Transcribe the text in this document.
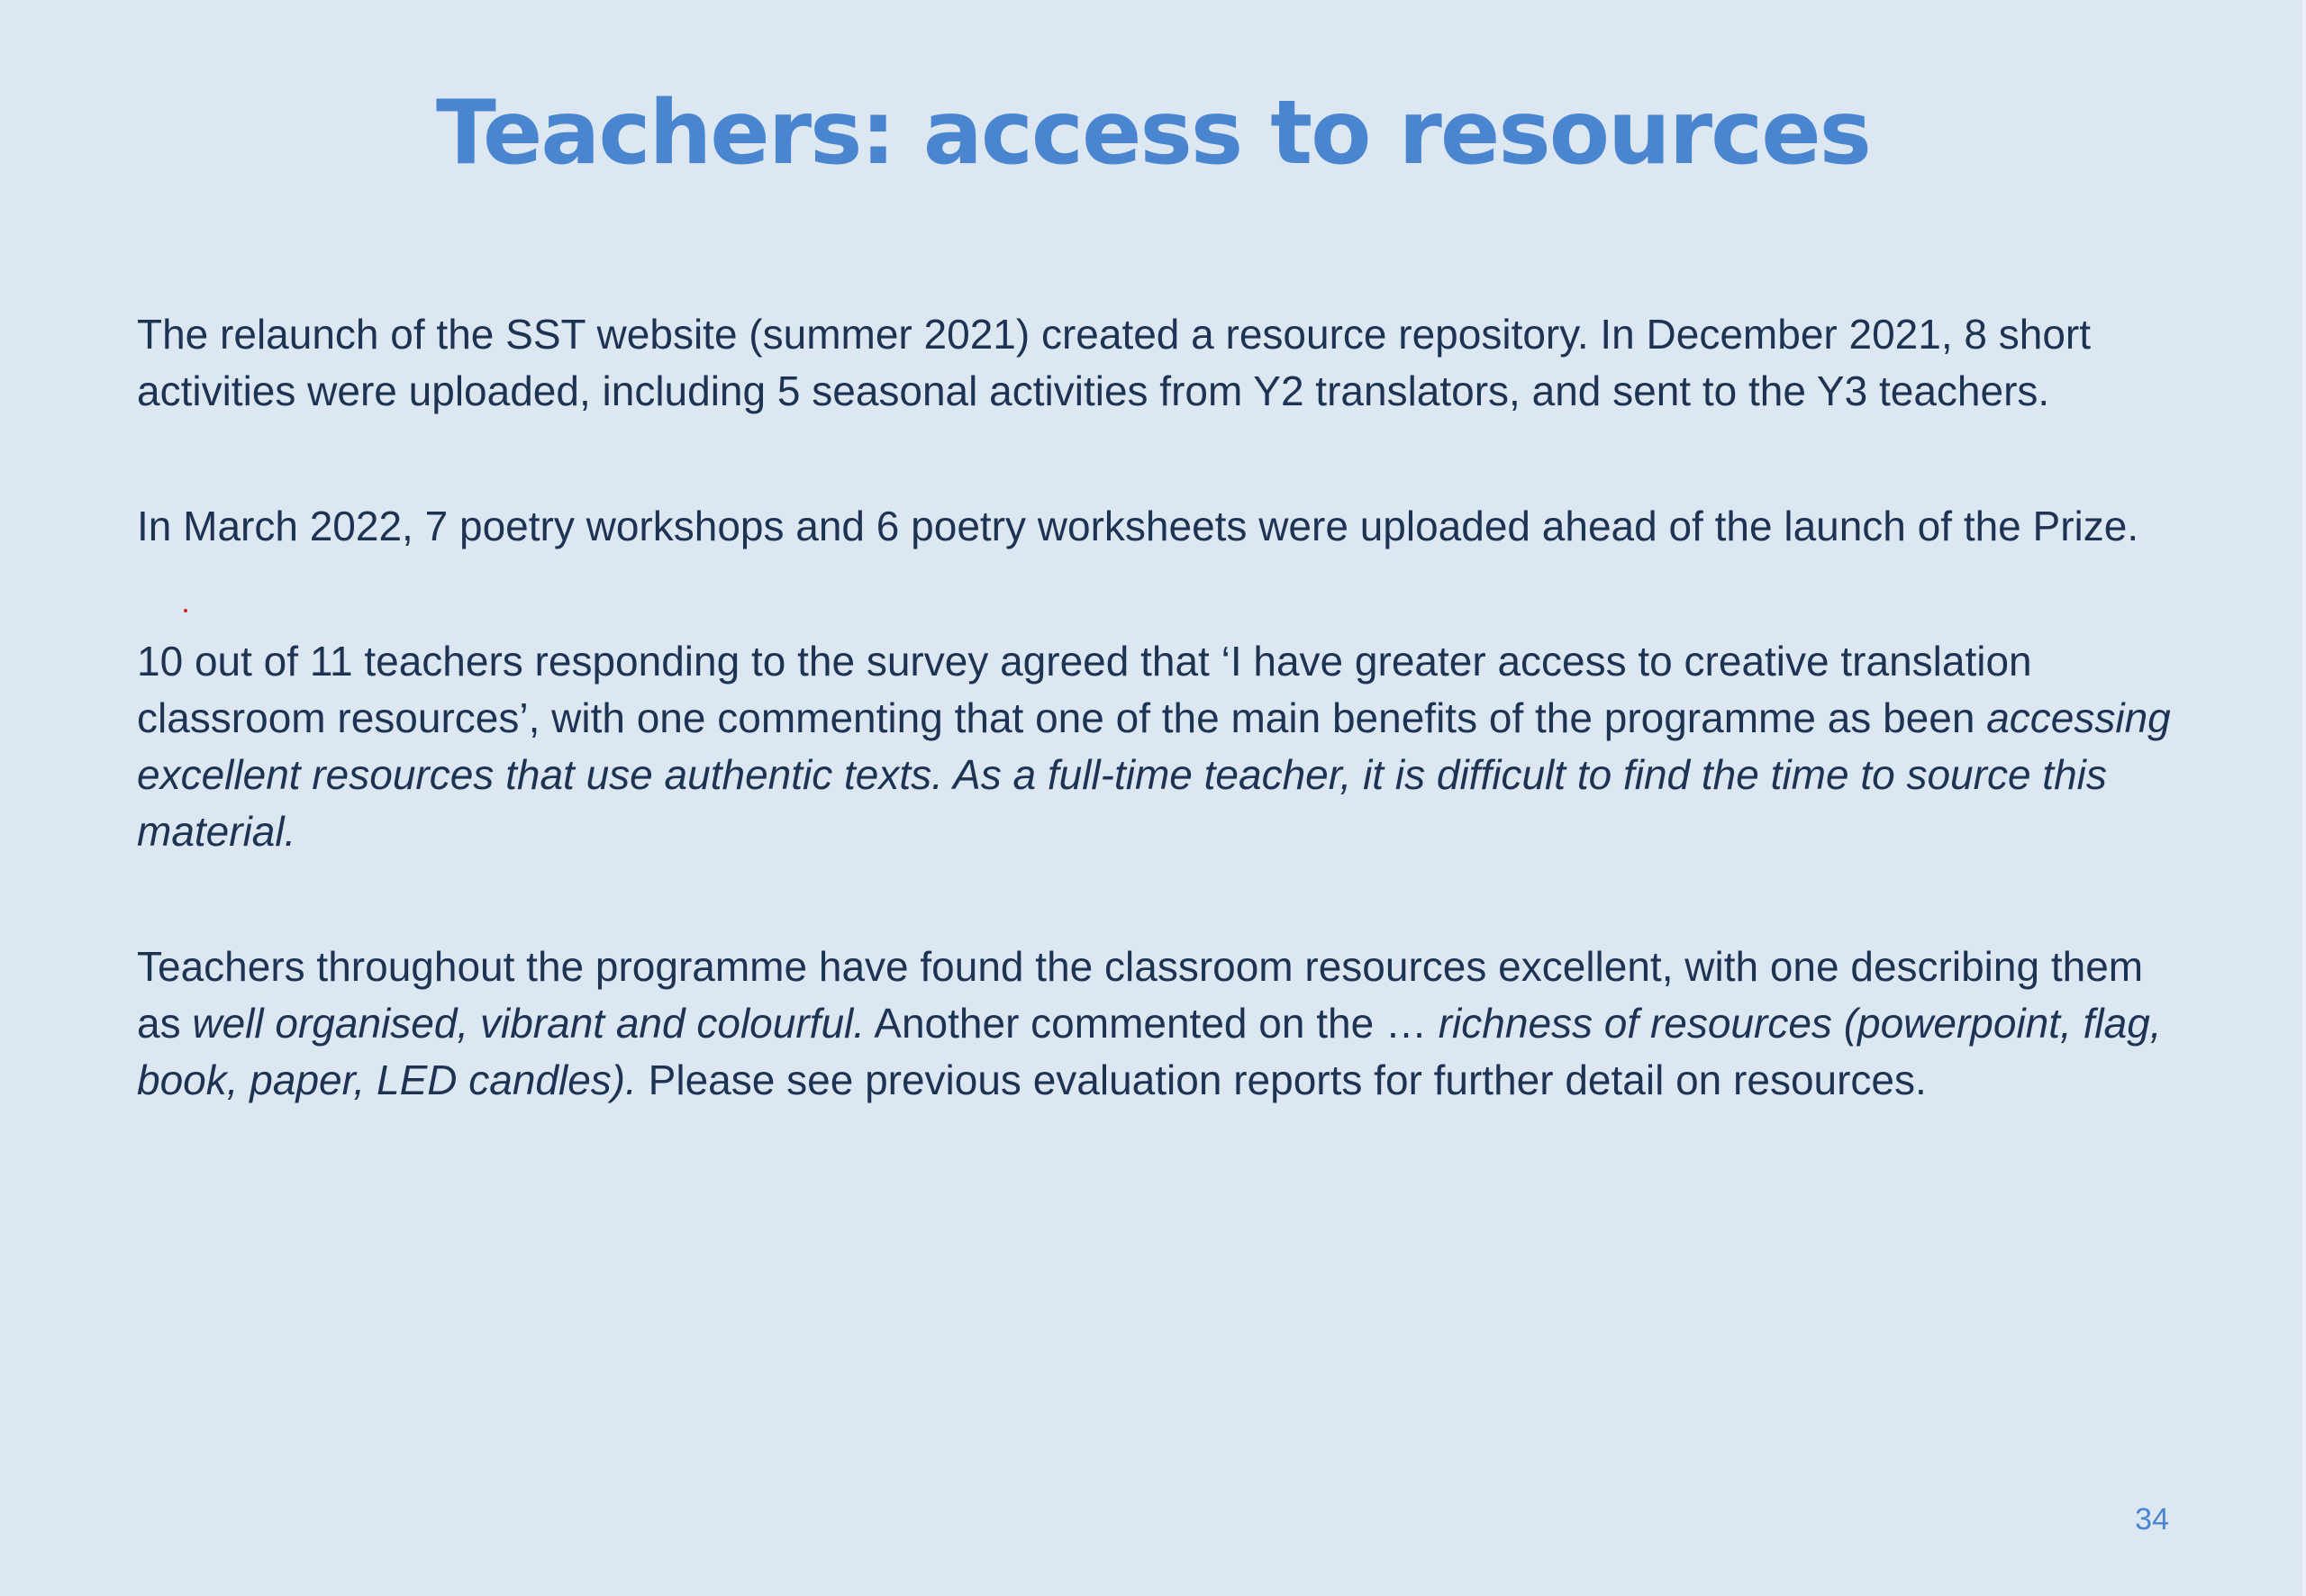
Teachers: access to resources

The relaunch of the SST website (summer 2021) created a resource repository. In December 2021, 8 short activities were uploaded, including 5 seasonal activities from Y2 translators, and sent to the Y3 teachers.

In March 2022, 7 poetry workshops and 6 poetry worksheets were uploaded ahead of the launch of the Prize.

10 out of 11 teachers responding to the survey agreed that ‘I have greater access to creative translation classroom resources’, with one commenting that one of the main benefits of the programme as been accessing excellent resources that use authentic texts. As a full-time teacher, it is difficult to find the time to source this material.

Teachers throughout the programme have found the classroom resources excellent, with one describing them as well organised, vibrant and colourful. Another commented on the … richness of resources (powerpoint, flag, book, paper, LED candles). Please see previous evaluation reports for further detail on resources.

34
